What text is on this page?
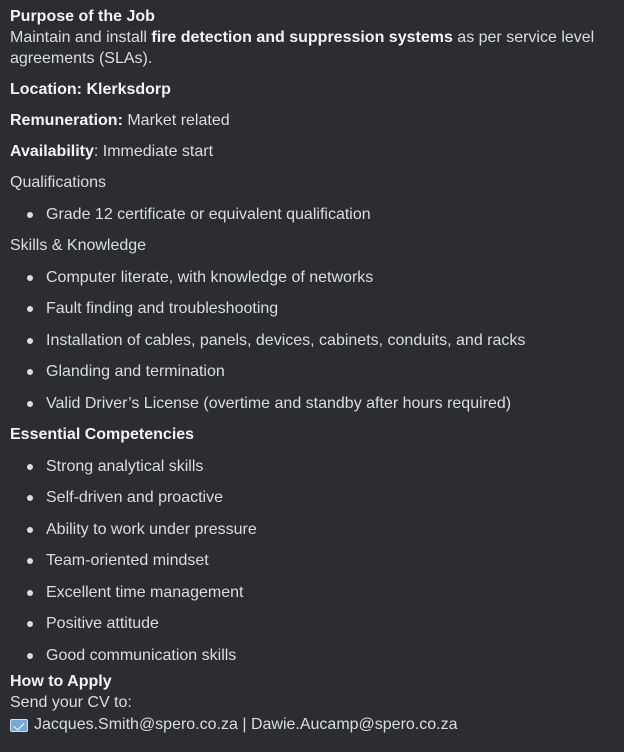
Purpose of the Job

Maintain and install fire detection and suppression systems as per service level agreements (SLAs).

Location: Klerksdorp
Remuneration: Market related
Availability: Immediate start
Qualifications
Grade 12 certificate or equivalent qualification
Skills & Knowledge
Computer literate, with knowledge of networks
Fault finding and troubleshooting
Installation of cables, panels, devices, cabinets, conduits, and racks
Glanding and termination
Valid Driver’s License (overtime and standby after hours required)
Essential Competencies
Strong analytical skills
Self-driven and proactive
Ability to work under pressure
Team-oriented mindset
Excellent time management
Positive attitude
Good communication skills
How to Apply
Send your CV to:
Jacques.Smith@spero.co.za | Dawie.Aucamp@spero.co.za
